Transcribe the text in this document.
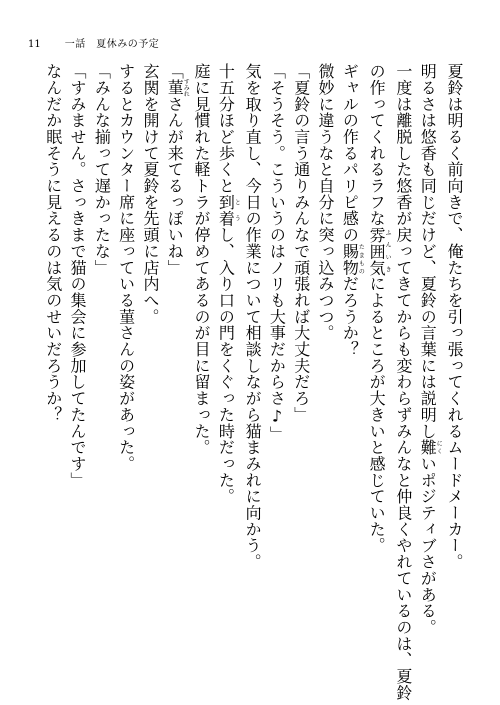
11 一話　夏休みの予定

夏鈴は明るく前向きで、俺たちを引っ張ってくれるムードメーカー。

明るさは悠香も同じだけど、夏鈴の言葉には説明し難にくいポジティブさがある。

一度は離脱した悠香が戻ってきてからも変わらずみんなと仲良くやれているのは、夏鈴

の作ってくれるラフな雰囲気ふんいきによるところが大きいと感じていた。

ギャルの作るパリピ感の賜物たまものだろうか？

微妙に違うなと自分に突っ込みつつ。

「夏鈴の言う通りみんなで頑張れば大丈夫だろ」

「そうそう。こういうのはノリも大事だからさ♪」

気を取り直し、今日の作業について相談しながら猫まみれに向かう。

十五分ほど歩くと到着とうし、入り口の門をくぐった時だった。

庭に見慣れた軽トラが停めてあるのが目に留まった。

「菫すみれさんが来てるっぽいね」

玄関を開けて夏鈴を先頭に店内へ。

するとカウンター席に座っている菫さんの姿があった。

「みんな揃って遅かったな」

「すみません。さっきまで猫の集会に参加してたんです」

なんだか眠そうに見えるのは気のせいだろうか？
